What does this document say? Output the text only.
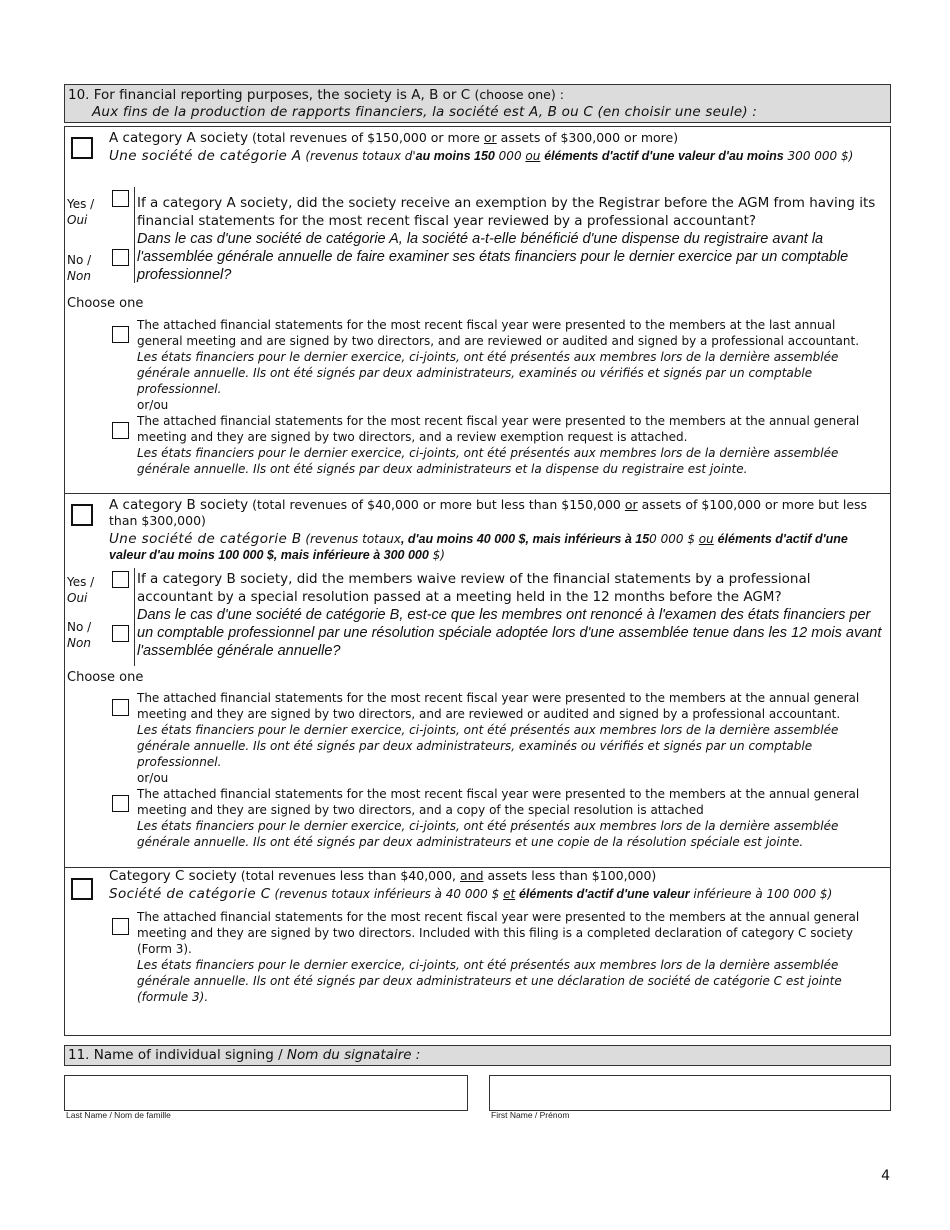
10. For financial reporting purposes, the society is A, B or C (choose one) :
Aux fins de la production de rapports financiers, la société est A, B ou C (en choisir une seule) :
A category A society (total revenues of $150,000 or more or assets of $300,000 or more)
Une société de catégorie A (revenus totaux d'au moins 150 000 ou éléments d'actif d'une valeur d'au moins 300 000 $)
Yes /
Oui
No /
Non
If a category A society, did the society receive an exemption by the Registrar before the AGM from having its financial statements for the most recent fiscal year reviewed by a professional accountant?
Dans le cas d'une société de catégorie A, la société a-t-elle bénéficié d'une dispense du registraire avant la l'assemblée générale annuelle de faire examiner ses états financiers pour le dernier exercice par un comptable professionnel?
Choose one
The attached financial statements for the most recent fiscal year were presented to the members at the last annual general meeting and are signed by two directors, and are reviewed or audited and signed by a professional accountant.
Les états financiers pour le dernier exercice, ci-joints, ont été présentés aux membres lors de la dernière assemblée générale annuelle. Ils ont été signés par deux administrateurs, examinés ou vérifiés et signés par un comptable professionnel.
or/ou
The attached financial statements for the most recent fiscal year were presented to the members at the annual general meeting and they are signed by two directors, and a review exemption request is attached.
Les états financiers pour le dernier exercice, ci-joints, ont été présentés aux membres lors de la dernière assemblée générale annuelle. Ils ont été signés par deux administrateurs et la dispense du registraire est jointe.
A category B society (total revenues of $40,000 or more but less than $150,000 or assets of $100,000 or more but less than $300,000)
Une société de catégorie B (revenus totaux, d'au moins 40 000 $, mais inférieurs à 150 000 $ ou éléments d'actif d'une valeur d'au moins 100 000 $, mais inférieure à 300 000 $)
Yes /
Oui
No /
Non
If a category B society, did the members waive review of the financial statements by a professional accountant by a special resolution passed at a meeting held in the 12 months before the AGM?
Dans le cas d'une société de catégorie B, est-ce que les membres ont renoncé à l'examen des états financiers per un comptable professionnel par une résolution spéciale adoptée lors d'une assemblée tenue dans les 12 mois avant l'assemblée générale annuelle?
Choose one
The attached financial statements for the most recent fiscal year were presented to the members at the annual general meeting and they are signed by two directors, and are reviewed or audited and signed by a professional accountant.
Les états financiers pour le dernier exercice, ci-joints, ont été présentés aux membres lors de la dernière assemblée générale annuelle. Ils ont été signés par deux administrateurs, examinés ou vérifiés et signés par un comptable professionnel.
or/ou
The attached financial statements for the most recent fiscal year were presented to the members at the annual general meeting and they are signed by two directors, and a copy of the special resolution is attached
Les états financiers pour le dernier exercice, ci-joints, ont été présentés aux membres lors de la dernière assemblée générale annuelle. Ils ont été signés par deux administrateurs et une copie de la résolution spéciale est jointe.
Category C society (total revenues less than $40,000, and assets less than $100,000)
Société de catégorie C (revenus totaux inférieurs à 40 000 $ et éléments d'actif d'une valeur inférieure à 100 000 $)
The attached financial statements for the most recent fiscal year were presented to the members at the annual general meeting and they are signed by two directors. Included with this filing is a completed declaration of category C society (Form 3).
Les états financiers pour le dernier exercice, ci-joints, ont été présentés aux membres lors de la dernière assemblée générale annuelle. Ils ont été signés par deux administrateurs et une déclaration de société de catégorie C est jointe (formule 3).
11. Name of individual signing / Nom du signataire :
Last Name / Nom de famille	First Name / Prénom
4
